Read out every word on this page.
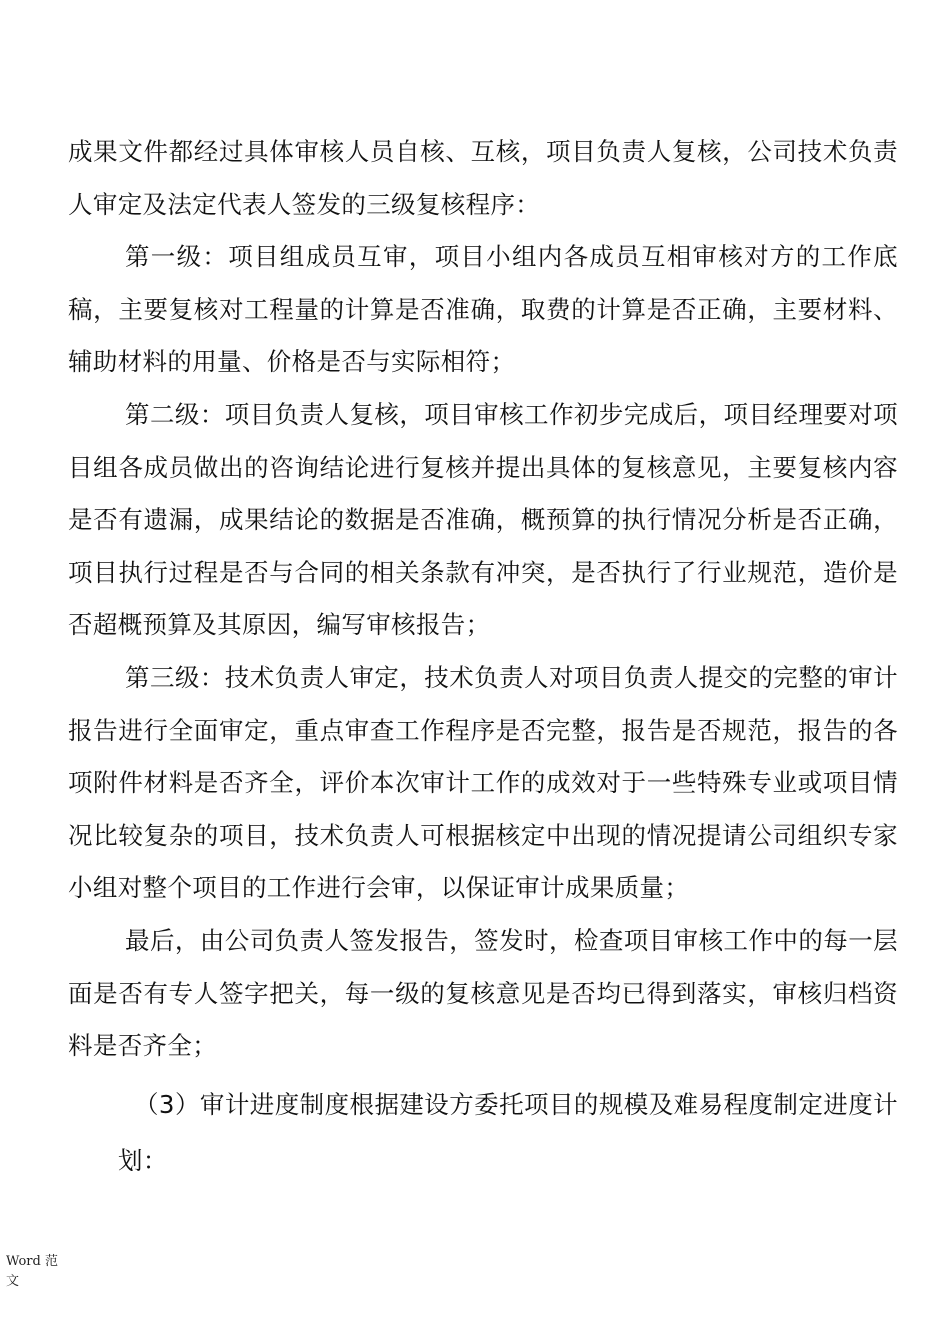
成果文件都经过具体审核人员自核、互核，项目负责人复核，公司技术负责人审定及法定代表人签发的三级复核程序：

第一级：项目组成员互审，项目小组内各成员互相审核对方的工作底稿，主要复核对工程量的计算是否准确，取费的计算是否正确，主要材料、辅助材料的用量、价格是否与实际相符；

第二级：项目负责人复核，项目审核工作初步完成后，项目经理要对项目组各成员做出的咨询结论进行复核并提出具体的复核意见，主要复核内容是否有遗漏，成果结论的数据是否准确，概预算的执行情况分析是否正确，项目执行过程是否与合同的相关条款有冲突，是否执行了行业规范，造价是否超概预算及其原因，编写审核报告；

第三级：技术负责人审定，技术负责人对项目负责人提交的完整的审计报告进行全面审定，重点审查工作程序是否完整，报告是否规范，报告的各项附件材料是否齐全，评价本次审计工作的成效对于一些特殊专业或项目情况比较复杂的项目，技术负责人可根据核定中出现的情况提请公司组织专家小组对整个项目的工作进行会审，以保证审计成果质量；

最后，由公司负责人签发报告，签发时，检查项目审核工作中的每一层面是否有专人签字把关，每一级的复核意见是否均已得到落实，审核归档资料是否齐全；

（3）审计进度制度根据建设方委托项目的规模及难易程度制定进度计划：

Word 范文
